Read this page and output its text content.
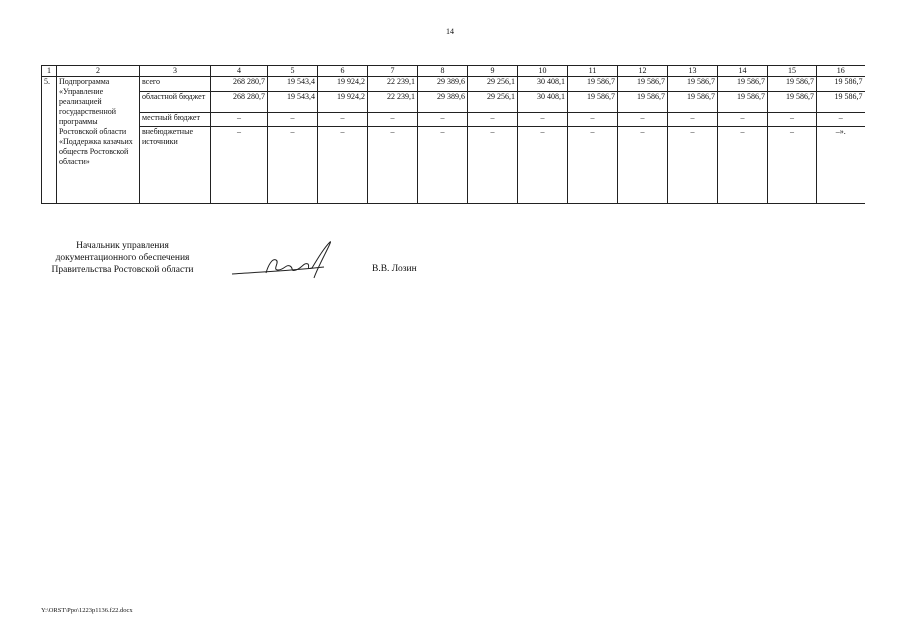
14
1	2	3	4	5	6	7	8	9	10	11	12	13	14	15	16
5.	Подпрограмма «Управление реализацией государственной программы Ростовской области «Поддержка казачьих обществ Ростовской области»	всего	268 280,7	19 543,4	19 924,2	22 239,1	29 389,6	29 256,1	30 408,1	19 586,7	19 586,7	19 586,7	19 586,7	19 586,7	19 586,7
		областной бюджет	268 280,7	19 543,4	19 924,2	22 239,1	29 389,6	29 256,1	30 408,1	19 586,7	19 586,7	19 586,7	19 586,7	19 586,7	19 586,7
		местный бюджет	–	–	–	–	–	–	–	–	–	–	–	–	–
		внебюджетные источники	–	–	–	–	–	–	–	–	–	–	–	–	–».
Начальник управления документационного обеспечения Правительства Ростовской области	В.В. Лозин
Y:\ORST\Ppo\1223p1136.f22.docx
